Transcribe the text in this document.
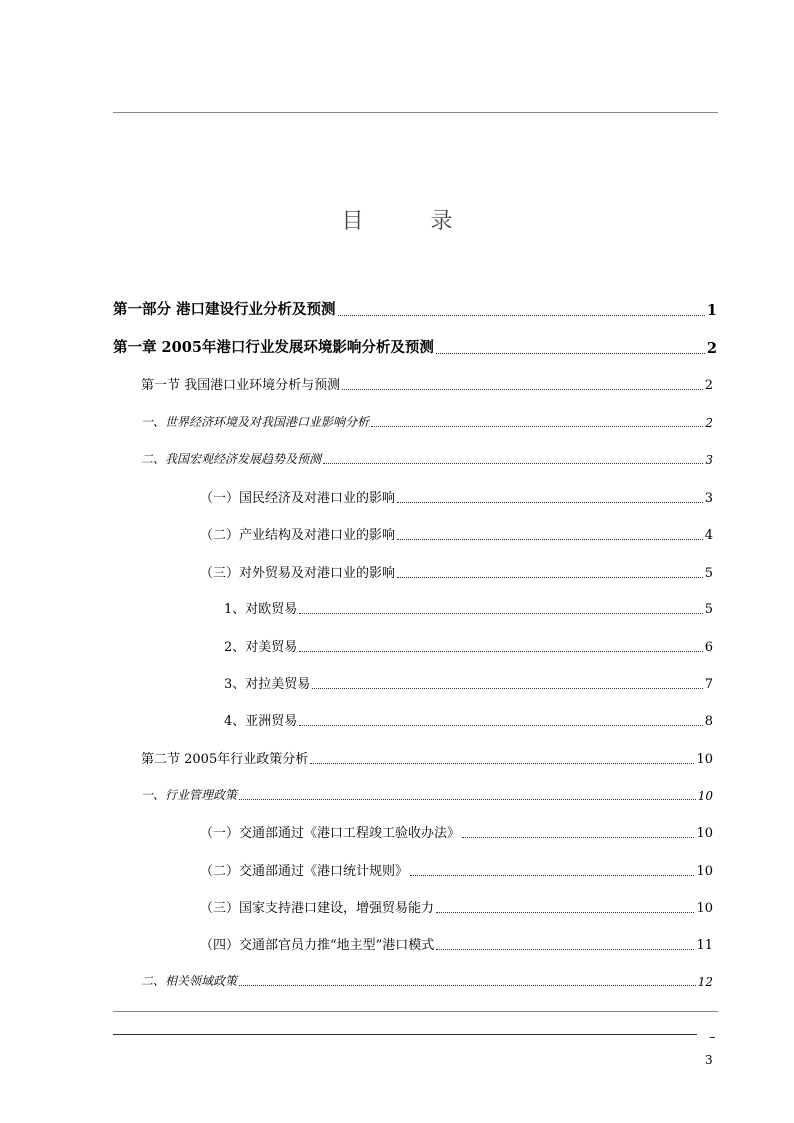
目 录
第一部分 港口建设行业分析及预测	1
第一章 2005年港口行业发展环境影响分析及预测	2
第一节 我国港口业环境分析与预测	2
一、世界经济环境及对我国港口业影响分析	2
二、我国宏观经济发展趋势及预测	3
（一）国民经济及对港口业的影响	3
（二）产业结构及对港口业的影响	4
（三）对外贸易及对港口业的影响	5
1、对欧贸易	5
2、对美贸易	6
3、对拉美贸易	7
4、亚洲贸易	8
第二节 2005年行业政策分析	10
一、行业管理政策	10
（一）交通部通过《港口工程竣工验收办法》	10
（二）交通部通过《港口统计规则》	10
（三）国家支持港口建设，增强贸易能力	10
（四）交通部官员力推“地主型”港口模式	11
二、相关领域政策	12
–
3
